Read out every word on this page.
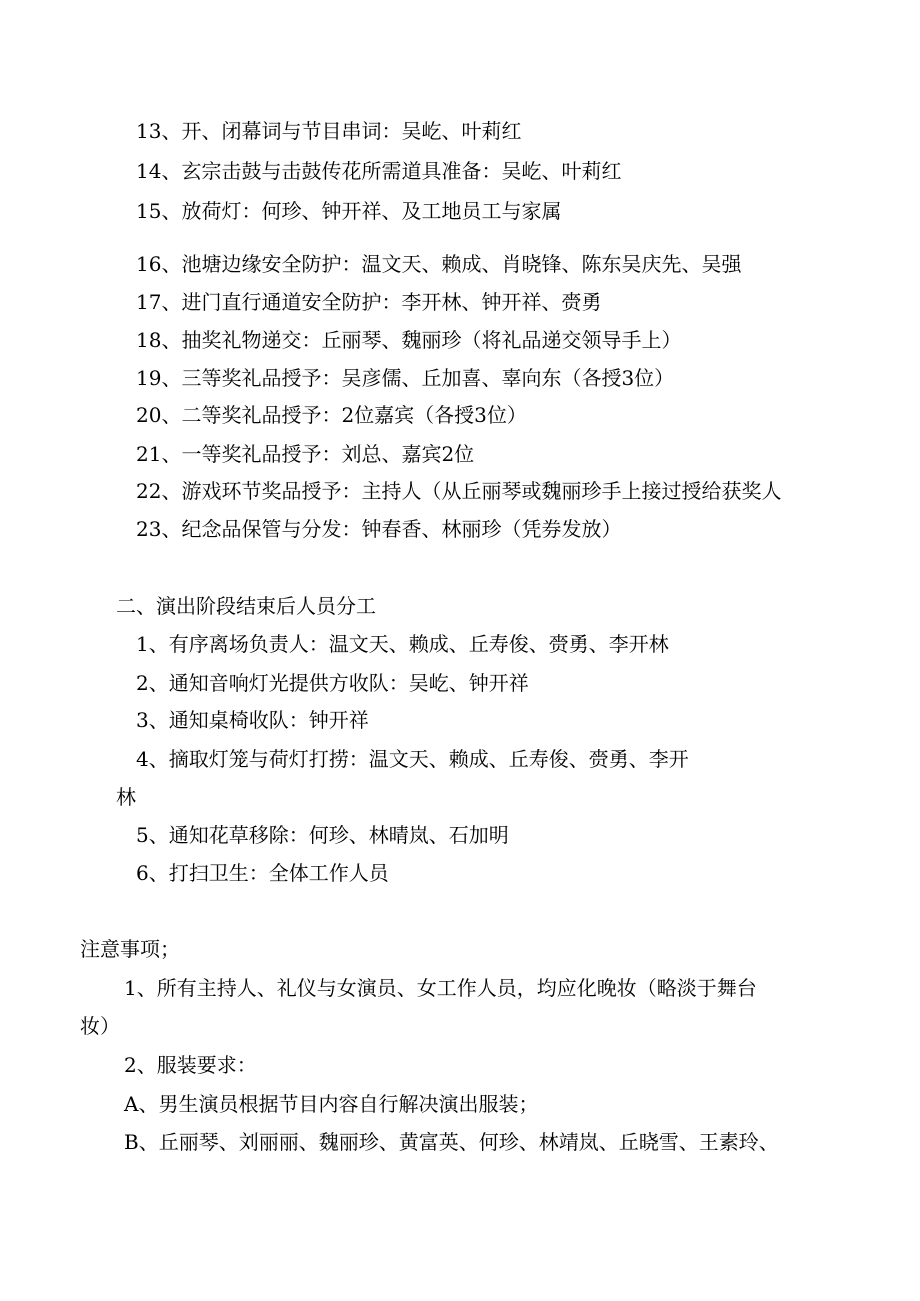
13、开、闭幕词与节目串词：吴屹、叶莉红

14、玄宗击鼓与击鼓传花所需道具准备：吴屹、叶莉红

15、放荷灯：何珍、钟开祥、及工地员工与家属

16、池塘边缘安全防护：温文天、赖成、肖晓锋、陈东吴庆先、吴强

17、进门直行通道安全防护：李开林、钟开祥、赍勇

18、抽奖礼物递交：丘丽琴、魏丽珍（将礼品递交领导手上）

19、三等奖礼品授予：吴彦儒、丘加喜、辜向东（各授3位）

20、二等奖礼品授予：2位嘉宾（各授3位）

21、一等奖礼品授予：刘总、嘉宾2位

22、游戏环节奖品授予：主持人（从丘丽琴或魏丽珍手上接过授给获奖人

23、纪念品保管与分发：钟春香、林丽珍（凭券发放）

二、演出阶段结束后人员分工

1、有序离场负责人：温文天、赖成、丘寿俊、赍勇、李开林

2、通知音响灯光提供方收队：吴屹、钟开祥

3、通知桌椅收队：钟开祥

4、摘取灯笼与荷灯打捞：温文天、赖成、丘寿俊、赍勇、李开

林

5、通知花草移除：何珍、林晴岚、石加明

6、打扫卫生：全体工作人员

注意事项；

1、所有主持人、礼仪与女演员、女工作人员，均应化晚妆（略淡于舞台

妆）

2、服装要求：

A、男生演员根据节目内容自行解决演出服装；

B、丘丽琴、刘丽丽、魏丽珍、黄富英、何珍、林靖岚、丘晓雪、王素玲、
